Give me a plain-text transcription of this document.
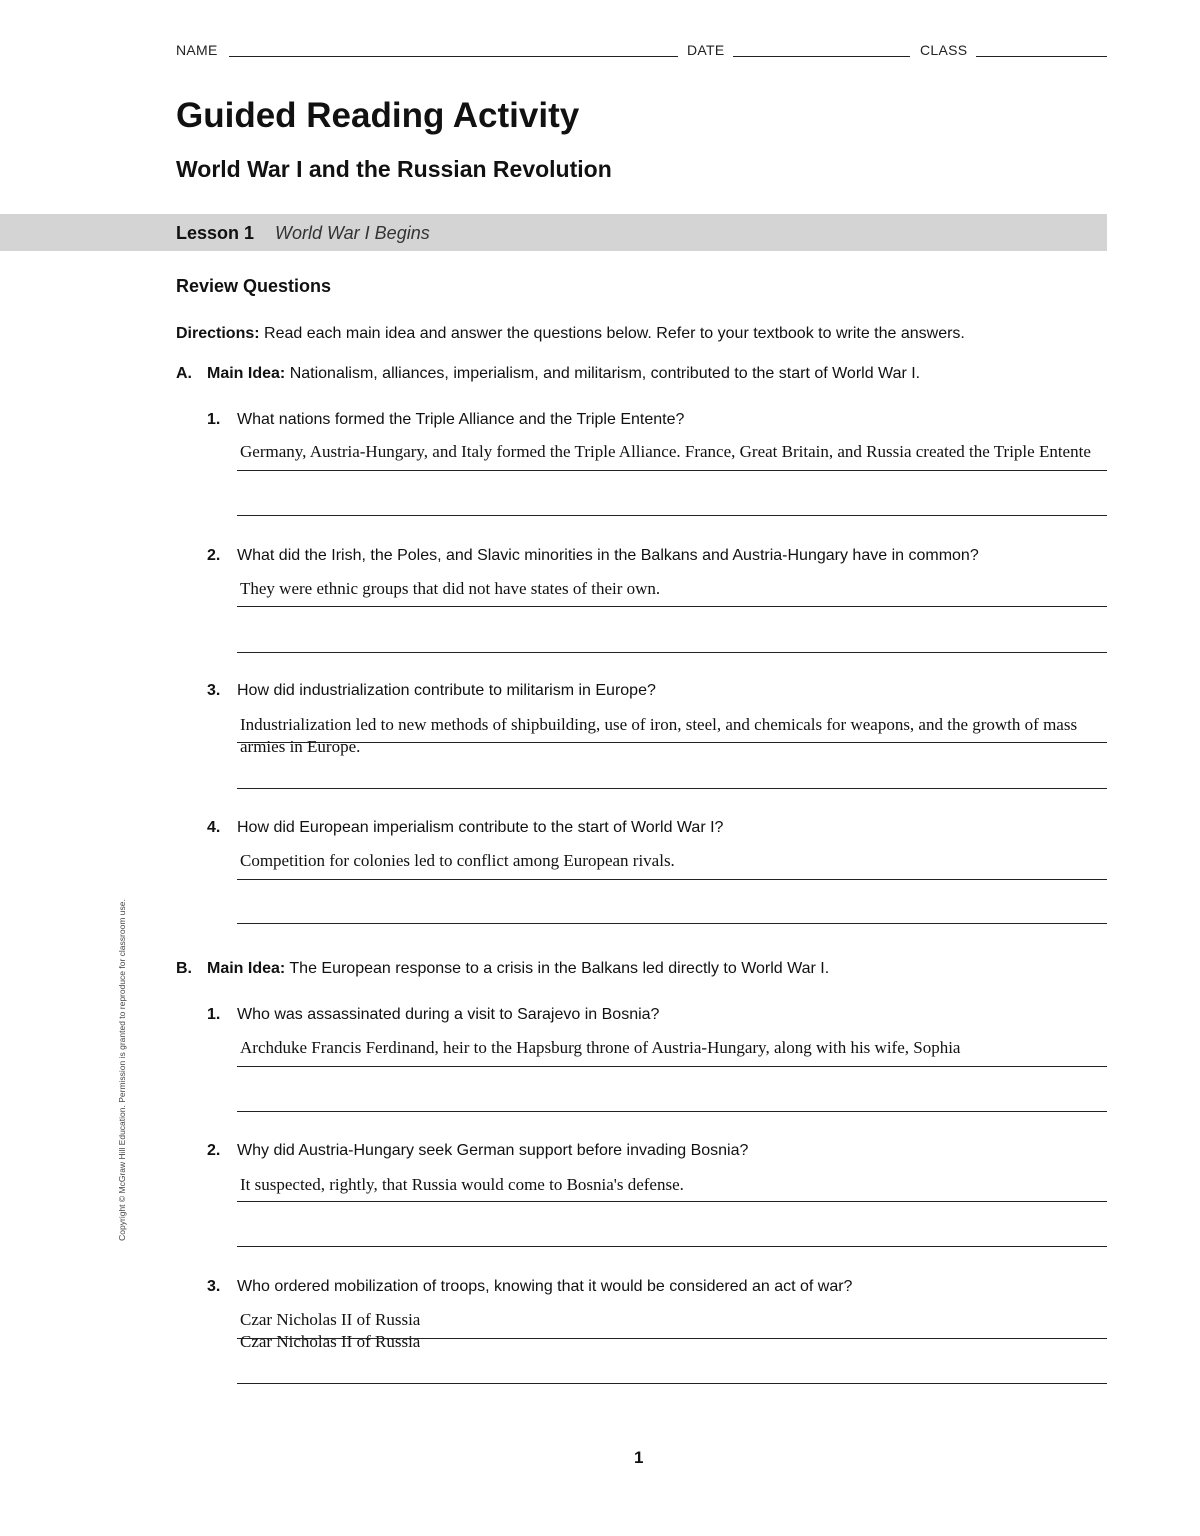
NAME	DATE	CLASS
Guided Reading Activity
World War I and the Russian Revolution
Lesson 1 World War I Begins
Review Questions
Directions: Read each main idea and answer the questions below. Refer to your textbook to write the answers.
A. Main Idea: Nationalism, alliances, imperialism, and militarism, contributed to the start of World War I.
1. What nations formed the Triple Alliance and the Triple Entente?
Germany, Austria-Hungary, and Italy formed the Triple Alliance. France, Great Britain, and Russia created the Triple Entente
2. What did the Irish, the Poles, and Slavic minorities in the Balkans and Austria-Hungary have in common?
They were ethnic groups that did not have states of their own.
3. How did industrialization contribute to militarism in Europe?
Industrialization led to new methods of shipbuilding, use of iron, steel, and chemicals for weapons, and the growth of mass armies in Europe.
4. How did European imperialism contribute to the start of World War I?
Competition for colonies led to conflict among European rivals.
B. Main Idea: The European response to a crisis in the Balkans led directly to World War I.
1. Who was assassinated during a visit to Sarajevo in Bosnia?
Archduke Francis Ferdinand, heir to the Hapsburg throne of Austria-Hungary, along with his wife, Sophia
2. Why did Austria-Hungary seek German support before invading Bosnia?
It suspected, rightly, that Russia would come to Bosnia's defense.
3. Who ordered mobilization of troops, knowing that it would be considered an act of war?
Czar Nicholas II of Russia
Czar Nicholas II of Russia
Copyright © McGraw Hill Education. Permission is granted to reproduce for classroom use.
1
